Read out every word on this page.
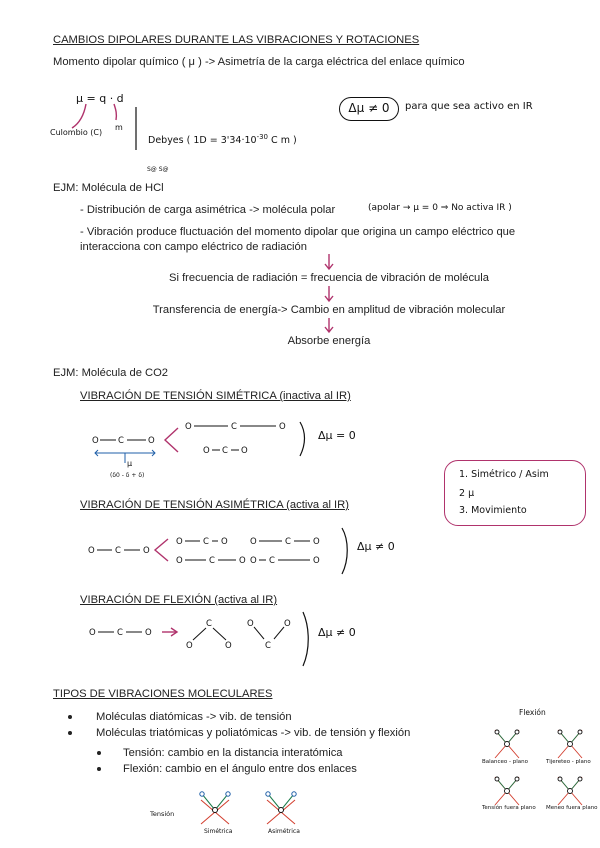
CAMBIOS DIPOLARES DURANTE LAS VIBRACIONES Y ROTACIONES
Momento dipolar químico ( μ ) -> Asimetría de la carga eléctrica del enlace químico
μ = q · d
Culombio (C)
m
Debyes ( $1D = 3'34\cdot 10^{-30}$ C m )
S@ S@
Δμ ≠ 0	para que sea activo en IR
EJM: Molécula de HCl
- Distribución de carga asimétrica -> molécula polar	(apolar → μ = 0 ⇒ No activa IR )
- Vibración produce fluctuación del momento dipolar que origina un campo eléctrico que
interacciona con campo eléctrico de radiación
Si frecuencia de radiación = frecuencia de vibración de molécula
Transferencia de energía-> Cambio en amplitud de vibración molecular
Absorbe energía
EJM: Molécula de CO2
VIBRACIÓN DE TENSIÓN SIMÉTRICA (inactiva al IR)
Δμ = 0
(δ0 - δ + δ)
μ
VIBRACIÓN DE TENSIÓN ASIMÉTRICA (activa al IR)
Δμ ≠ 0
VIBRACIÓN DE FLEXIÓN (activa al IR)
Δμ ≠ 0
1. Simétrico / Asim
2 μ
3. Movimiento
TIPOS DE VIBRACIONES MOLECULARES
Moléculas diatómicas -> vib. de tensión
Moléculas triatómicas y poliatómicas -> vib. de tensión y flexión
Tensión: cambio en la distancia interatómica
Flexión: cambio en el ángulo entre dos enlaces
Flexión
Balanceo - plano	Tijereteo - plano
Tensión fuera plano Meneo fuera plano
Tensión
Simétrica	Asimétrica
O C	O
O	C	O
O C O
O C	O
O C O	O	C	O
O	C	O O C	O
O	C	O
C
O	O
O	O
C
